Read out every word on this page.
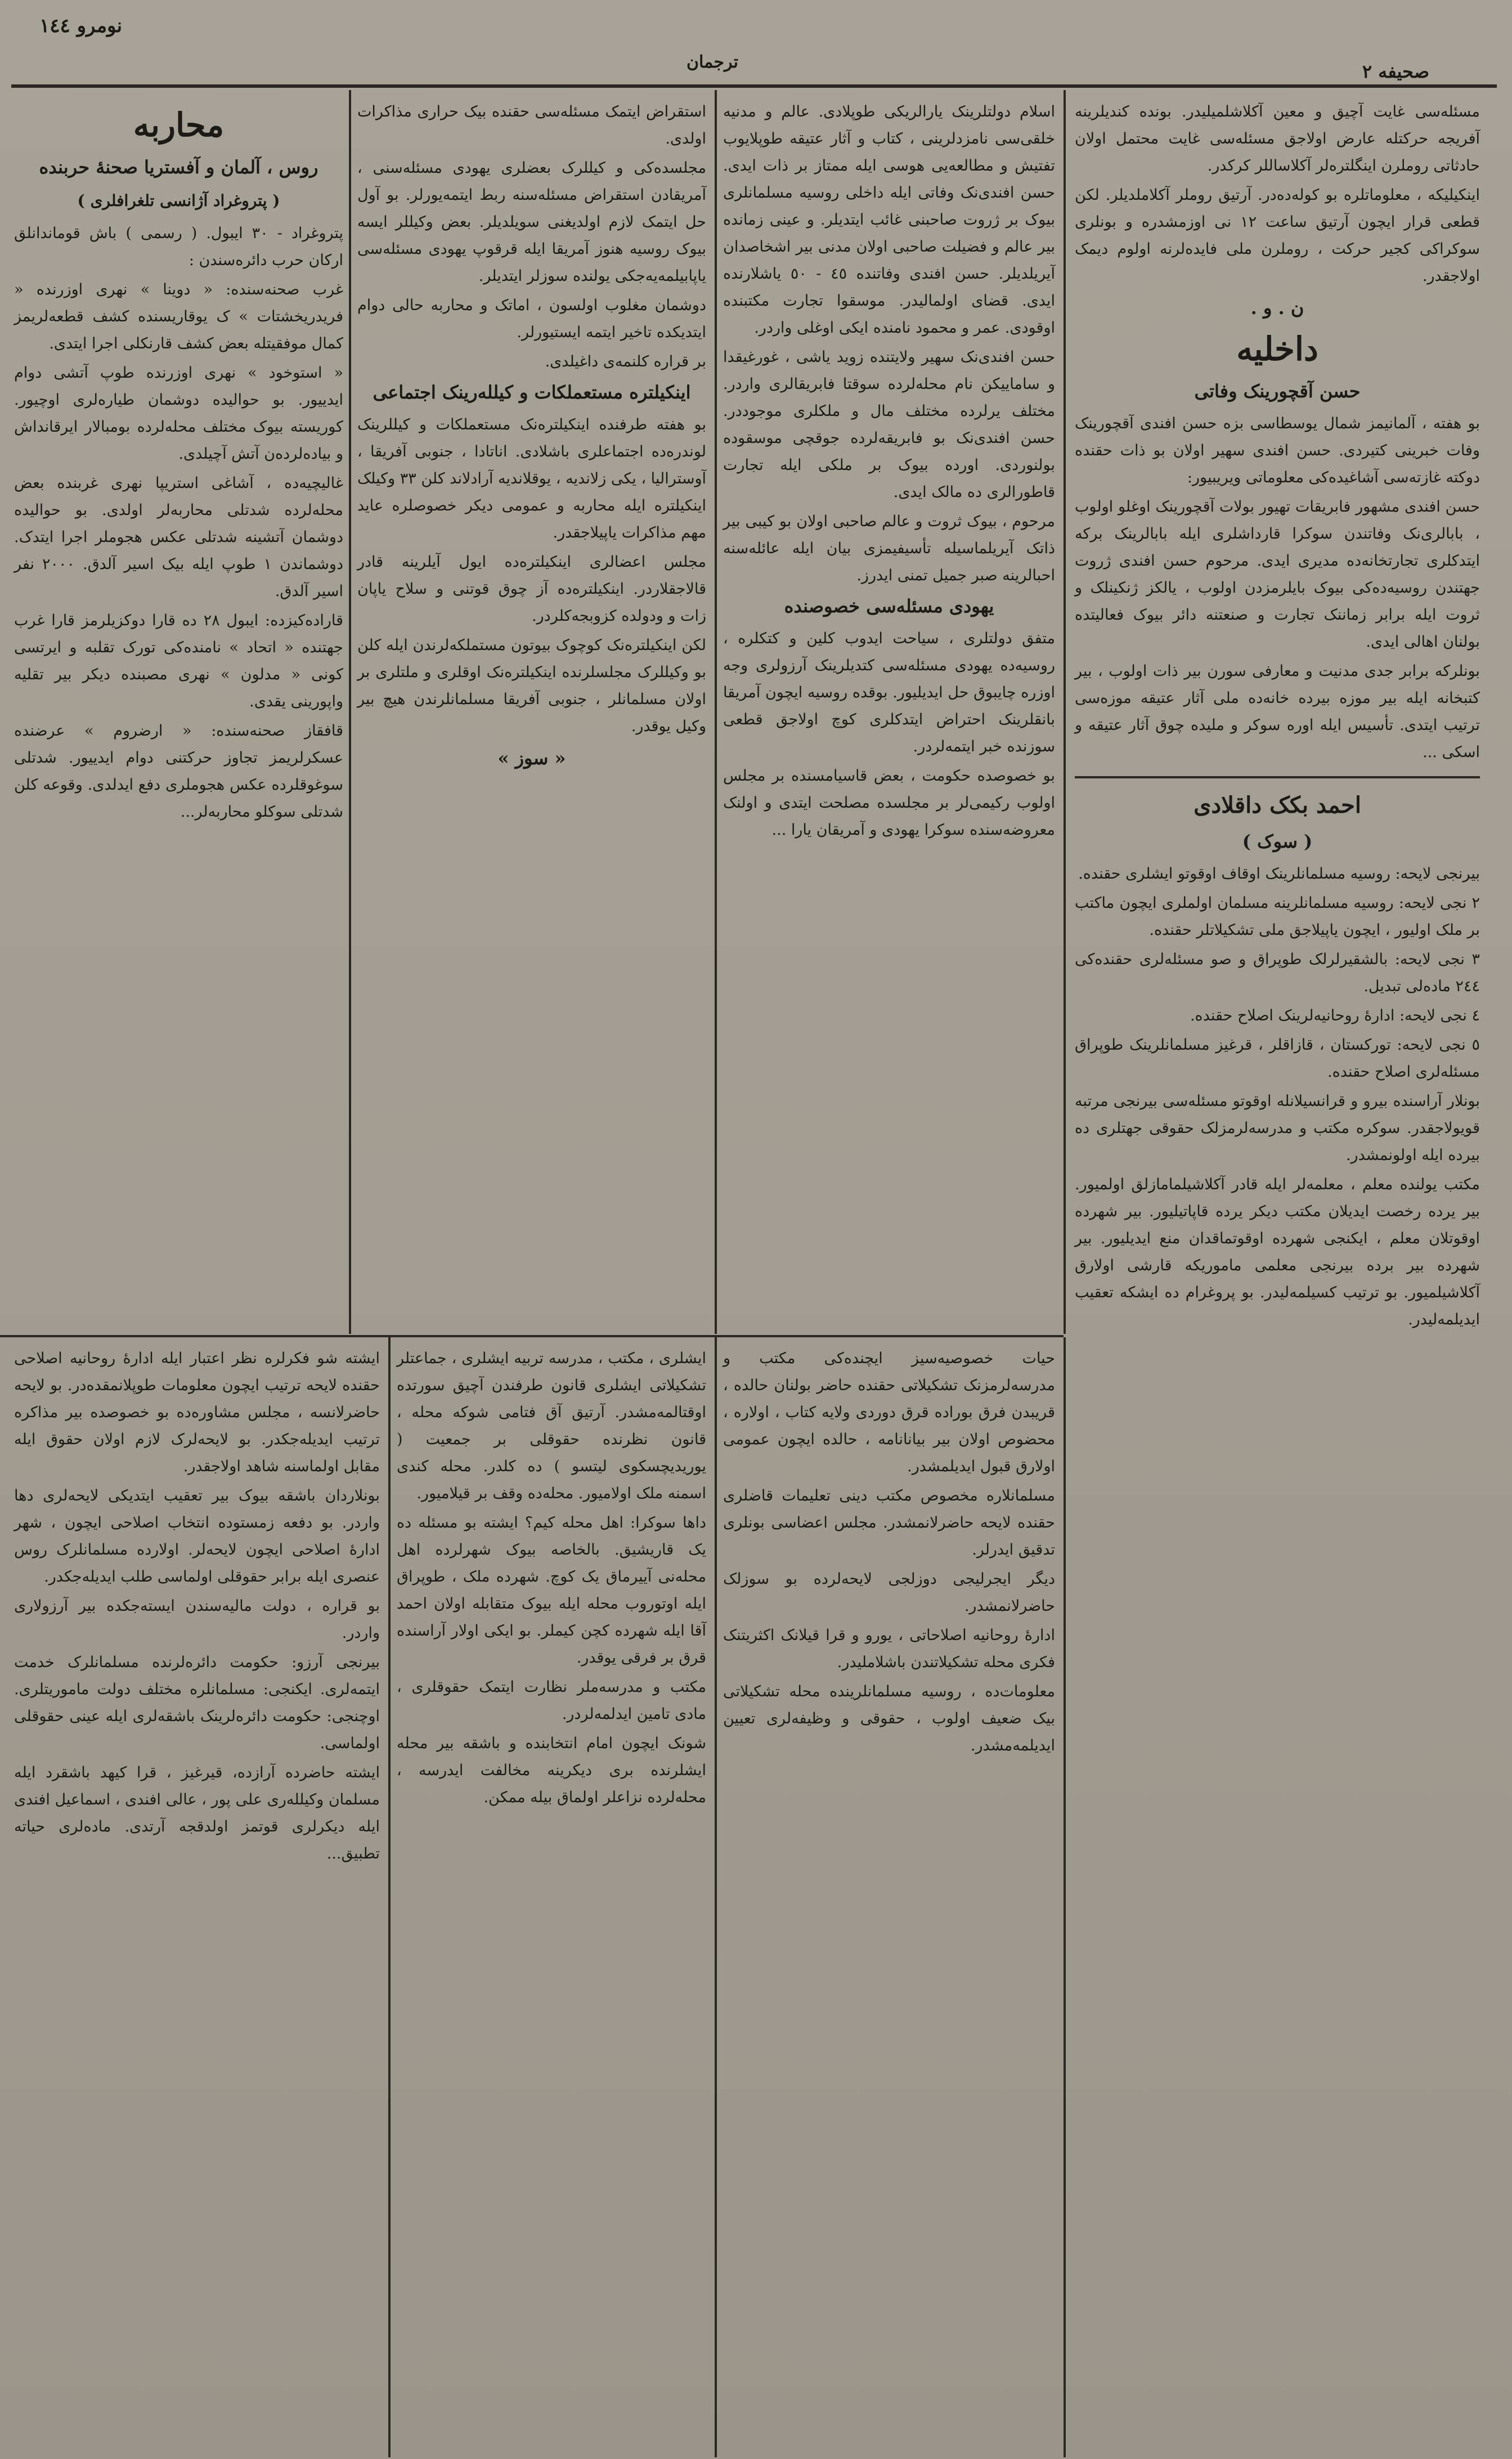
نومرو ١٤٤
ترجمان	صحیفه ٢

مسئله‌سی غایت آچیق و معین آکلاشلمیلیدر. بونده کندیلرینه آفریجه حرکتله عارض اولاجق مسئله‌سی غایت محتمل اولان حادثاتی روملرن اینگلتره‌لر آکلاساللر کرکدر.

اینکیلیکه ، معلوماتلره بو کوله‌ده‌در. آرتیق روملر آکلاملدیلر. لکن قطعی قرار ایچون آرتیق ساعت ١٢ نی اوزمشدره و بونلری سوکراکی کجیر حرکت ، روملرن ملی فایده‌لرنه اولوم دیمک اولاجقدر.

ن . و .
داخلیه
حسن آقچورینک وفاتی

بو هفته ، آلمانیمز شمال یوسطاسی بزه حسن افندی آقچورینک وفات خبرینی کتیردی. حسن افندی سهیر اولان بو ذات حقنده دوکته غازته‌سی آشاغیده‌کی معلوماتی ویریبیور:

حسن افندی مشهور فابریقات تهیور بولات آقچورینک اوغلو اولوب ، بابالری‌نک وفاتندن سوکرا قارداشلری ایله بابالرینک برکه ایتدکلری تجارتخانه‌ده مدیری ایدی. مرحوم حسن افندی ژروت جهتندن روسیه‌ده‌کی بیوک بایلرمزدن اولوب ، یالکز ژنکینلک و ثروت ایله برابر زماننک تجارت و صنعتنه دائر بیوک فعالیتده بولنان اهالی ایدی.

بونلرکه برابر جدی مدنیت و معارفی سورن بیر ذات اولوب ، بیر کتبخانه ایله بیر موزه بیرده خانه‌ده ملی آثار عتیقه موزه‌سی ترتیب ایتدی. تأسیس ایله اوره سوکر و ملیده چوق آثار عتیقه و اسکی ...

احمد بکک داقلادی
( سوک )

بیرنجی لایحه: روسیه مسلمانلرینک اوقاف اوقوتو ایشلری حقنده.

٢ نجی لایحه: روسیه مسلمانلرینه مسلمان اولملری ایچون ماکتب بر ملک اولیور ، ایچون یاپیلاجق ملی تشکیلاتلر حقنده.

٣ نجی لایحه: بالشقیرلرلک طوپراق و صو مسئله‌لری حقنده‌کی ٢٤٤ ماده‌لی تبدیل.

٤ نجی لایحه: ادارهٔ روحانیه‌لرینک اصلاح حقنده.

٥ نجی لایحه: تورکستان ، قازاقلر ، قرغیز مسلمانلرینک طوپراق مسئله‌لری اصلاح حقنده.

بونلار آراسنده بیرو و قرانسیلانله اوقوتو مسئله‌سی بیرنجی مرتبه قویولاجقدر. سوکره مکتب و مدرسه‌لرمزلک حقوقی جهتلری ده بیرده ایله اولونمشدر.

مکتب یولنده معلم ، معلمه‌لر ایله قادر آکلاشیلمامازلق اولمیور. بیر یرده رخصت ایدیلان مکتب دیکر یرده قاپاتیلیور. بیر شهرده اوقوتلان معلم ، ایکنجی شهرده اوقوتماقدان منع ایدیلیور. بیر شهرده بیر برده بیرنجی معلمی ماموریکه قارشی اولارق آکلاشیلمیور. بو ترتیب کسیلمه‌لیدر. بو پروغرام ده ایشکه تعقیب ایدیلمه‌لیدر.

اسلام دولتلرینک یارالریکی طوپلادی. عالم و مدنیه خلقی‌سی نامزدلرینی ، کتاب و آثار عتیقه طوپلایوب تفتیش و مطالعه‌یی هوسی ایله ممتاز بر ذات ایدی. حسن افندی‌نک وفاتی ایله داخلی روسیه مسلمانلری بیوک بر ژروت صاحبنی غائب ایتدیلر. و عینی زمانده بیر عالم و فضیلت صاحبی اولان مدنی بیر اشخاصدان آیریلدیلر. حسن افندی وفاتنده ٤٥ - ٥٠ یاشلارنده ایدی. قضای اولمالیدر. موسقوا تجارت مکتبنده اوقودی. عمر و محمود نامنده ایکی اوغلی واردر.

حسن افندی‌نک سهیر ولایتنده زوید یاشی ، غورغیقدا و ساماییکن نام محله‌لرده سوقتا فابریقالری واردر. مختلف یرلرده مختلف مال و ملکلری موجوددر. حسن افندی‌نک بو فابریقه‌لرده جوقچی موسقوده بولنوردی. اورده بیوک بر ملکی ایله تجارت قاطورالری ده مالک ایدی.

مرحوم ، بیوک ثروت و عالم صاحبی اولان بو کیبی بیر ذاتک آیریلماسیله تأسیفیمزی بیان ایله عائله‌سنه احبالرینه صبر جمیل تمنی ایدرز.

یهودی مسئله‌سی خصوصنده

متفق دولتلری ، سیاحت ایدوب کلین و کتکلره ، روسیه‌ده یهودی مسئله‌سی کتدیلرینک آرزولری وجه اوزره چایبوق حل ایدیلیور. بوقده روسیه ایچون آمریقا بانقلرینک احتراض ایتدکلری کوچ اولاجق قطعی سوزنده خبر ایتمه‌لردر.

بو خصوصده حکومت ، بعض قاسیامسنده بر مجلس اولوب رکیمی‌لر بر مجلسده مصلحت ایتدی و اولنک معروضه‌سنده سوکرا یهودی و آمریقان یارا ...

حیات خصوصیه‌سیز ایچنده‌کی مکتب و مدرسه‌لرمزنک تشکیلاتی حقنده حاضر بولنان حالده ، قریبدن فرق بوراده قرق دوردی ولایه کتاب ، اولاره ، محضوص اولان بیر بیانانامه ، حالده ایچون عمومی اولارق قبول ایدیلمشدر.

مسلمانلاره مخصوص مکتب دینی تعلیمات قاضلری حقنده لایحه حاضرلانمشدر. مجلس اعضاسی بونلری تدقیق ایدرلر.

دیگر ایجرلیجی دوزلجی لایحه‌لرده بو سوزلک حاضرلانمشدر.

ادارهٔ روحانیه اصلاحاتی ، یورو و قرا قیلانک اکثریتنک فکری محله تشکیلاتندن باشلاملیدر.

معلومات‌ده ، روسیه مسلمانلرینده محله تشکیلاتی بیک ضعیف اولوب ، حقوقی و وظیفه‌لری تعیین ایدیلمه‌مشدر.

استقراض ایتمک مسئله‌سی حقنده بیک حراری مذاکرات اولدی.

مجلسده‌کی و کیللرک بعضلری یهودی مسئله‌سنی ، آمریقادن استقراض مسئله‌سنه ربط ایتمه‌یورلر. بو آول حل ایتمک لازم اولدیغنی سویلدیلر. بعض وکیللر ایسه بیوک روسیه هنوز آمریقا ایله قرقوپ یهودی مسئله‌سی یاپابیلمه‌یه‌جکی یولنده سوزلر ایتدیلر.

دوشمان مغلوب اولسون ، اماتک و محاربه حالی دوام ایتدیکده تاخیر ایتمه ایستیورلر.

بر قراره کلنمه‌ی داغیلدی.

اینکیلتره مستعملکات و کیلله‌رینک اجتماعی

بو هفته طرفنده اینکیلتره‌نک مستعملکات و کیللرینک لوندره‌ده اجتماعلری باشلادی. اناتادا ، جنوبی آفریقا ، آوستراليا ، یکی زلاندیه ، یوقلاندیه آرادلاند کلن ٣٣ وکیلک اینکیلتره ایله محاربه و عمومی دیکر خصوصلره عاید مهم مذاکرات یاپیلاجقدر.

مجلس اعضالری اینکیلتره‌ده ایول آیلرینه قادر قالاجقلاردر. اینکیلتره‌ده آز چوق قوتنی و سلاح یاپان زات و ودولده کزوبجه‌کلردر.

لکن اینکیلتره‌نک کوچوک بیوتون مستملکه‌لرندن ایله کلن بو وکیللرک مجلسلرنده اینکیلتره‌نک اوقلری و ملتلری بر اولان مسلمانلر ، جنوبی آفریقا مسلمانلرندن هیچ بیر وکیل یوقدر.

« سوز »

ایشلری ، مکتب ، مدرسه تربیه ایشلری ، جماعتلر تشکیلاتی ایشلری قانون طرفندن آچیق سورتده اوقتالمه‌مشدر. آرتیق آق فتامی شوکه محله ، قانون نظرنده حقوقلی بر جمعیت ( یوریدیچسکوی لیتسو ) ده کلدر. محله کندی اسمنه ملک اولامیور. محله‌ده وقف بر قیلامیور.

داها سوکرا: اهل محله کیم؟ ایشته بو مسئله ده یک قاریشیق. بالخاصه بیوک شهرلرده اهل محله‌نی آییرماق یک کوچ. شهرده ملک ، طوپراق ایله اوتوروب محله ایله بیوک متقابله اولان احمد آقا ایله شهرده کچن کیملر. بو ایکی اولار آراسنده قرق بر فرقی یوقدر.

مکتب و مدرسه‌ملر نظارت ایتمک حقوقلری ، مادی تامین ایدلمه‌لردر.

شونک ایچون امام انتخابنده و باشقه بیر محله ایشلرنده بری دیکرینه مخالفت ایدرسه ، محله‌لرده نزاعلر اولماق بیله ممکن.

محاربه
روس ، آلمان و آفستريا صحنهٔ حربنده
( پتروغراد آژانسی تلغرافلری )

پتروغراد - ٣٠ ايبول. ( رسمی ) باش قوماندانلق اركان حرب دائره‌سندن :

غرب صحنه‌سنده: « دوینا » نهری اوزرنده « فریدریخشتات » ک یوقاریسنده کشف قطعه‌لریمز کمال موفقیتله بعض کشف قارنکلی اجرا ایتدی.

« استوخود » نهری اوزرنده طوپ آتشی دوام ایدییور. بو حوالیده دوشمان طیاره‌لری اوچیور. کوریسته بیوک مختلف محله‌لرده بومبالار ایرقانداش و بیاده‌لرده‌ن آتش آچیلدی.

غاليچيه‌ده ، آشاغی استريپا نهری غربنده بعض محله‌لرده شدتلی محاربه‌لر اولدی. بو حوالیده دوشمان آتشینه شدتلی عکس هجوملر اجرا ایتدک. دوشماندن ١ طوپ ایله بیک اسیر آلدق. ٢٠٠٠ نفر اسیر آلدق.

قاراده‌کیزده: ایبول ٢٨ ده قارا دوکزیلرمز قارا غرب جهتنده « اتحاد » نامنده‌کی تورک تقلبه و ایرتسی کونی « مدلون » نهری مصبنده دیکر بیر تقلیه واپورینی یقدی.

قافقاز صحنه‌سنده: « ارضروم » عرضنده عسکرلریمز تجاوز حرکتنی دوام ایدییور. شدتلی سوغوقلرده عکس هجوملری دفع ایدلدی. وقوعه کلن شدتلی سوکلو محاربه‌لر...

ایشته شو فکرلره نظر اعتبار ایله ادارهٔ روحانیه اصلاحی حقنده لایحه ترتیب ایچون معلومات طوپلانمقده‌در. بو لایحه حاضرلانسه ، مجلس مشاوره‌ده بو خصوصده بیر مذاکره ترتیب ایدیله‌جکدر. بو لایحه‌لرک لازم اولان حقوق ایله مقابل اولماسنه شاهد اولاجقدر.

بونلاردان باشقه بیوک بیر تعقیب ایتدیکی لایحه‌لری دها واردر. بو دفعه زمستوده انتخاب اصلاحی ایچون ، شهر ادارهٔ اصلاحی ایچون لایحه‌لر. اولارده مسلمانلرک روس عنصری ایله برابر حقوقلی اولماسی طلب ایدیله‌جکدر.

بو قراره ، دولت مالیه‌سندن ایسته‌جکده بیر آرزولاری واردر.

بیرنجی آرزو: حکومت دائره‌لرنده مسلمانلرک خدمت ایتمه‌لری. ایکنجی: مسلمانلره مختلف دولت ماموریتلری. اوچنجی: حکومت دائره‌لرینک باشقه‌لری ایله عینی حقوقلی اولماسی.

ایشته حاضرده آرازده، قیرغیز ، قرا کیهد باشقرد ایله مسلمان وکیلله‌ری علی پور ، عالی افندی ، اسماعیل افندی ایله دیکرلری قوتمز اولدقجه آرتدی. ماده‌لری حیاته تطبیق...
